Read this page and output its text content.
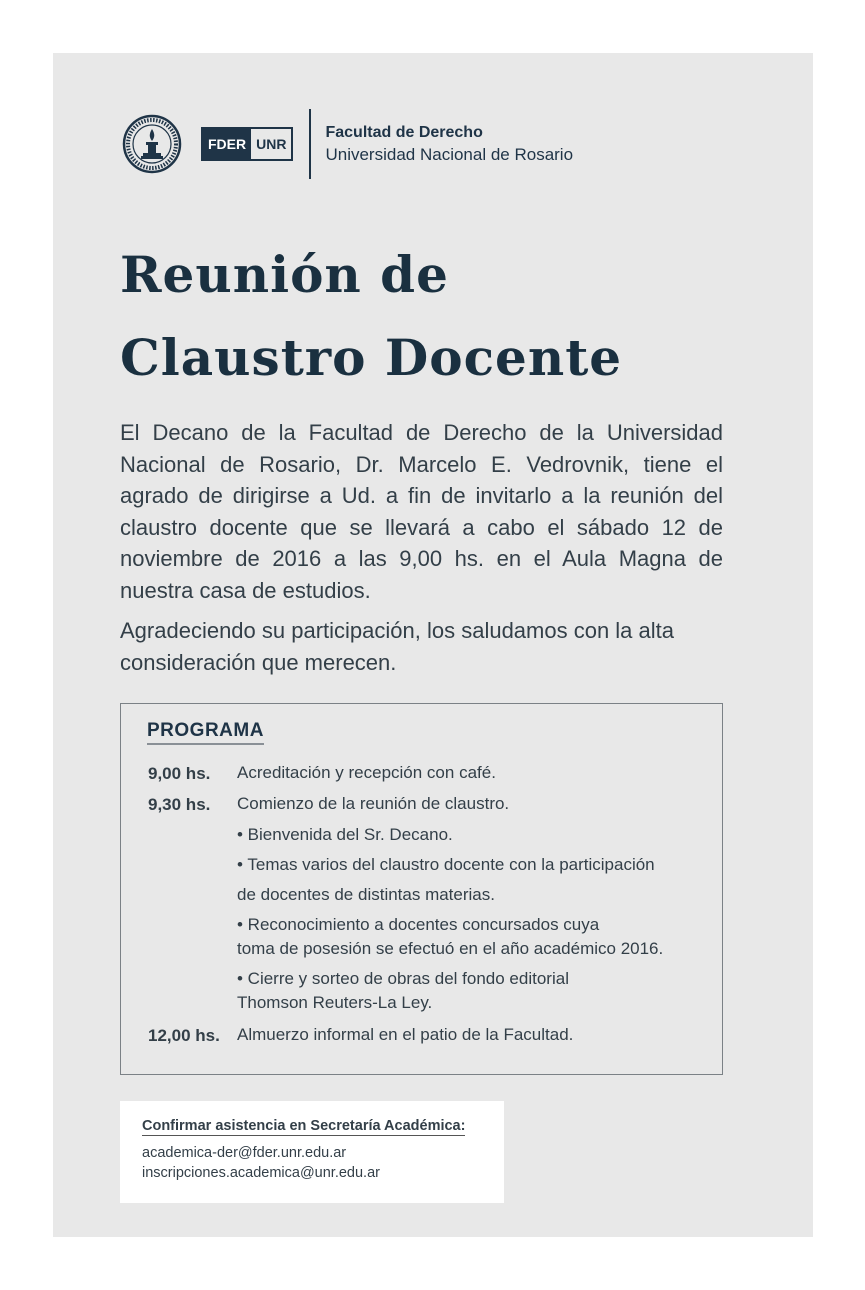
FDER UNR
Facultad de Derecho
Universidad Nacional de Rosario
Reunión de
Claustro Docente

El Decano de la Facultad de Derecho de la Universidad Nacional de Rosario, Dr. Marcelo E. Vedrovnik, tiene el agrado de dirigirse a Ud. a fin de invitarlo a la reunión del claustro docente que se llevará a cabo el sábado 12 de noviembre de 2016 a las 9,00 hs. en el Aula Magna de nuestra casa de estudios.

Agradeciendo su participación, los saludamos con la alta consideración que merecen.

PROGRAMA
9,00 hs. Acreditación y recepción con café.
9,30 hs. Comienzo de la reunión de claustro.
• Bienvenida del Sr. Decano.
• Temas varios del claustro docente con la participación
de docentes de distintas materias.
• Reconocimiento a docentes concursados cuya
toma de posesión se efectuó en el año académico 2016.
• Cierre y sorteo de obras del fondo editorial
Thomson Reuters-La Ley.
12,00 hs. Almuerzo informal en el patio de la Facultad.
Confirmar asistencia en Secretaría Académica:
academica-der@fder.unr.edu.ar
inscripciones.academica@unr.edu.ar
